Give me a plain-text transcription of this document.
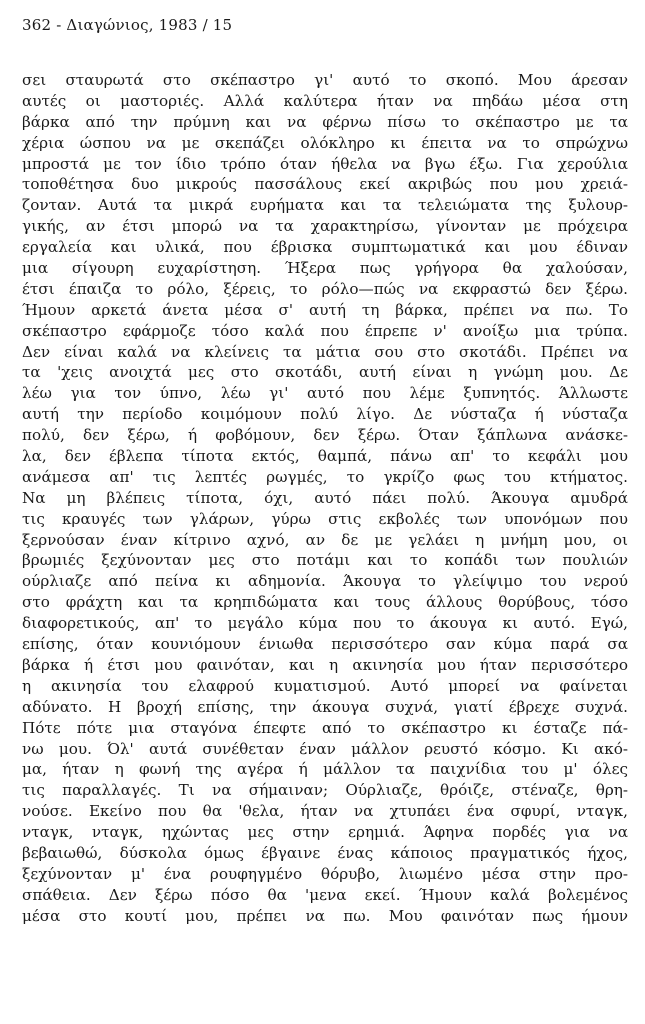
362 - Διαγώνιος, 1983 / 15
σει σταυρωτά στο σκέπαστρο γι' αυτό το σκοπό. Μου άρεσαν
αυτές οι μαστοριές. Αλλά καλύτερα ήταν να πηδάω μέσα στη
βάρκα από την πρύμνη και να φέρνω πίσω το σκέπαστρο με τα
χέρια ώσπου να με σκεπάζει ολόκληρο κι έπειτα να το σπρώχνω
μπροστά με τον ίδιο τρόπο όταν ήθελα να βγω έξω. Για χερούλια
τοποθέτησα δυο μικρούς πασσάλους εκεί ακριβώς που μου χρειά-
ζονταν. Αυτά τα μικρά ευρήματα και τα τελειώματα της ξυλουρ-
γικής, αν έτσι μπορώ να τα χαρακτηρίσω, γίνονταν με πρόχειρα
εργαλεία και υλικά, που έβρισκα συμπτωματικά και μου έδιναν
μια σίγουρη ευχαρίστηση. Ήξερα πως γρήγορα θα χαλούσαν,
έτσι έπαιζα το ρόλο, ξέρεις, το ρόλο—πώς να εκφραστώ δεν ξέρω.
Ήμουν αρκετά άνετα μέσα σ' αυτή τη βάρκα, πρέπει να πω. Το
σκέπαστρο εφάρμοζε τόσο καλά που έπρεπε ν' ανοίξω μια τρύπα.
Δεν είναι καλά να κλείνεις τα μάτια σου στο σκοτάδι. Πρέπει να
τα 'χεις ανοιχτά μες στο σκοτάδι, αυτή είναι η γνώμη μου. Δε
λέω για τον ύπνο, λέω γι' αυτό που λέμε ξυπνητός. Άλλωστε
αυτή την περίοδο κοιμόμουν πολύ λίγο. Δε νύσταζα ή νύσταζα
πολύ, δεν ξέρω, ή φοβόμουν, δεν ξέρω. Όταν ξάπλωνα ανάσκε-
λα, δεν έβλεπα τίποτα εκτός, θαμπά, πάνω απ' το κεφάλι μου
ανάμεσα απ' τις λεπτές ρωγμές, το γκρίζο φως του κτήματος.
Να μη βλέπεις τίποτα, όχι, αυτό πάει πολύ. Άκουγα αμυδρά
τις κραυγές των γλάρων, γύρω στις εκβολές των υπονόμων που
ξερνούσαν έναν κίτρινο αχνό, αν δε με γελάει η μνήμη μου, οι
βρωμιές ξεχύνονταν μες στο ποτάμι και το κοπάδι των πουλιών
ούρλιαζε από πείνα κι αδημονία. Άκουγα το γλείψιμο του νερού
στο φράχτη και τα κρηπιδώματα και τους άλλους θορύβους, τόσο
διαφορετικούς, απ' το μεγάλο κύμα που το άκουγα κι αυτό. Εγώ,
επίσης, όταν κουνιόμουν ένιωθα περισσότερο σαν κύμα παρά σα
βάρκα ή έτσι μου φαινόταν, και η ακινησία μου ήταν περισσότερο
η ακινησία του ελαφρού κυματισμού. Αυτό μπορεί να φαίνεται
αδύνατο. Η βροχή επίσης, την άκουγα συχνά, γιατί έβρεχε συχνά.
Πότε πότε μια σταγόνα έπεφτε από το σκέπαστρο κι έσταζε πά-
νω μου. Όλ' αυτά συνέθεταν έναν μάλλον ρευστό κόσμο. Κι ακό-
μα, ήταν η φωνή της αγέρα ή μάλλον τα παιχνίδια του μ' όλες
τις παραλλαγές. Τι να σήμαιναν; Ούρλιαζε, θρόιζε, στέναζε, θρη-
νούσε. Εκείνο που θα 'θελα, ήταν να χτυπάει ένα σφυρί, νταγκ,
νταγκ, νταγκ, ηχώντας μες στην ερημιά. Άφηνα πορδές για να
βεβαιωθώ, δύσκολα όμως έβγαινε ένας κάποιος πραγματικός ήχος,
ξεχύνονταν μ' ένα ρουφηγμένο θόρυβο, λιωμένο μέσα στην προ-
σπάθεια. Δεν ξέρω πόσο θα 'μενα εκεί. Ήμουν καλά βολεμένος
μέσα στο κουτί μου, πρέπει να πω. Μου φαινόταν πως ήμουν
